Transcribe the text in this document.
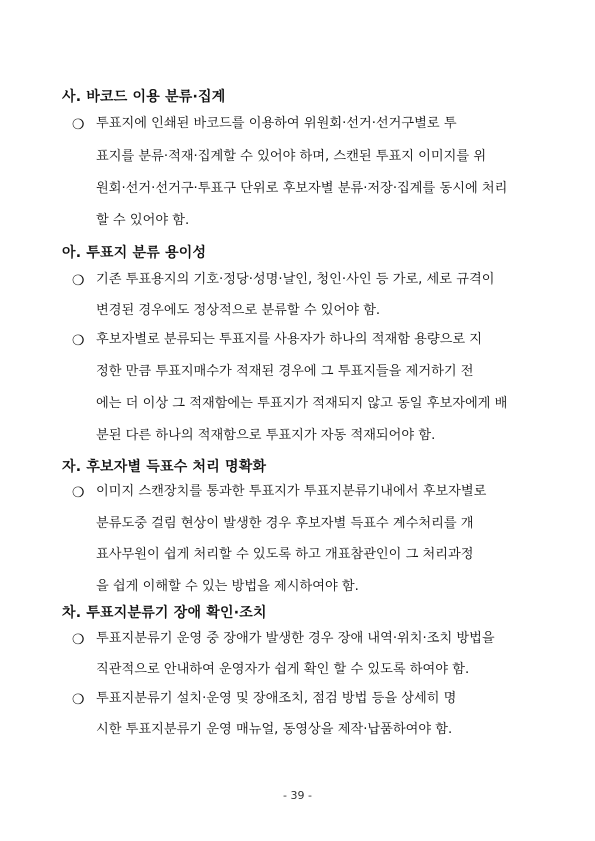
사. 바코드 이용 분류·집계
❍ 투표지에 인쇄된 바코드를 이용하여 위원회·선거·선거구별로 투
표지를 분류·적재·집계할 수 있어야 하며, 스캔된 투표지 이미지를 위
원회·선거·선거구·투표구 단위로 후보자별 분류·저장·집계를 동시에 처리
할 수 있어야 함.
아. 투표지 분류 용이성
❍ 기존 투표용지의 기호·정당·성명·날인, 청인·사인 등 가로, 세로 규격이
변경된 경우에도 정상적으로 분류할 수 있어야 함.
❍ 후보자별로 분류되는 투표지를 사용자가 하나의 적재함 용량으로 지
정한 만큼 투표지매수가 적재된 경우에 그 투표지들을 제거하기 전
에는 더 이상 그 적재함에는 투표지가 적재되지 않고 동일 후보자에게 배
분된 다른 하나의 적재함으로 투표지가 자동 적재되어야 함.
자. 후보자별 득표수 처리 명확화
❍ 이미지 스캔장치를 통과한 투표지가 투표지분류기내에서 후보자별로
분류도중 걸림 현상이 발생한 경우 후보자별 득표수 계수처리를 개
표사무원이 쉽게 처리할 수 있도록 하고 개표참관인이 그 처리과정
을 쉽게 이해할 수 있는 방법을 제시하여야 함.
차. 투표지분류기 장애 확인·조치
❍ 투표지분류기 운영 중 장애가 발생한 경우 장애 내역·위치·조치 방법을
직관적으로 안내하여 운영자가 쉽게 확인 할 수 있도록 하여야 함.
❍ 투표지분류기 설치·운영 및 장애조치, 점검 방법 등을 상세히 명
시한 투표지분류기 운영 매뉴얼, 동영상을 제작·납품하여야 함.
- 39 -
